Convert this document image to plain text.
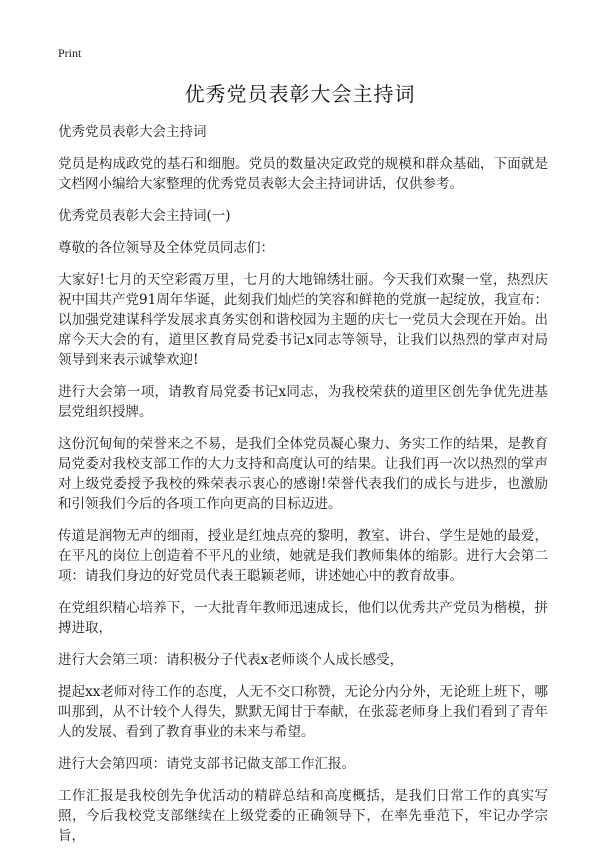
Print
优秀党员表彰大会主持词

优秀党员表彰大会主持词

党员是构成政党的基石和细胞。党员的数量决定政党的规模和群众基础，下面就是文档网小编给大家整理的优秀党员表彰大会主持词讲话，仅供参考。

优秀党员表彰大会主持词(一)

尊敬的各位领导及全体党员同志们：

大家好!七月的天空彩霞万里，七月的大地锦绣壮丽。今天我们欢聚一堂，热烈庆祝中国共产党91周年华诞，此刻我们灿烂的笑容和鲜艳的党旗一起绽放，我宣布：以加强党建谋科学发展求真务实创和谐校园为主题的庆七一党员大会现在开始。出席今天大会的有，道里区教育局党委书记x同志等领导，让我们以热烈的掌声对局领导到来表示诚挚欢迎!

进行大会第一项，请教育局党委书记x同志，为我校荣获的道里区创先争优先进基层党组织授牌。

这份沉甸甸的荣誉来之不易，是我们全体党员凝心聚力、务实工作的结果，是教育局党委对我校支部工作的大力支持和高度认可的结果。让我们再一次以热烈的掌声对上级党委授予我校的殊荣表示衷心的感谢!荣誉代表我们的成长与进步，也激励和引领我们今后的各项工作向更高的目标迈进。

传道是润物无声的细雨，授业是红烛点亮的黎明，教室、讲台、学生是她的最爱，在平凡的岗位上创造着不平凡的业绩，她就是我们教师集体的缩影。进行大会第二项：请我们身边的好党员代表王聪颖老师，讲述她心中的教育故事。

在党组织精心培养下，一大批青年教师迅速成长，他们以优秀共产党员为楷模，拼搏进取，

进行大会第三项：请积极分子代表x老师谈个人成长感受，

提起xx老师对待工作的态度，人无不交口称赞，无论分内分外，无论班上班下，哪叫那到，从不计较个人得失，默默无闻甘于奉献，在张蕊老师身上我们看到了青年人的发展、看到了教育事业的未来与希望。

进行大会第四项：请党支部书记做支部工作汇报。

工作汇报是我校创先争优活动的精辟总结和高度概括，是我们日常工作的真实写照，今后我校党支部继续在上级党委的正确领导下，在率先垂范下，牢记办学宗旨，
